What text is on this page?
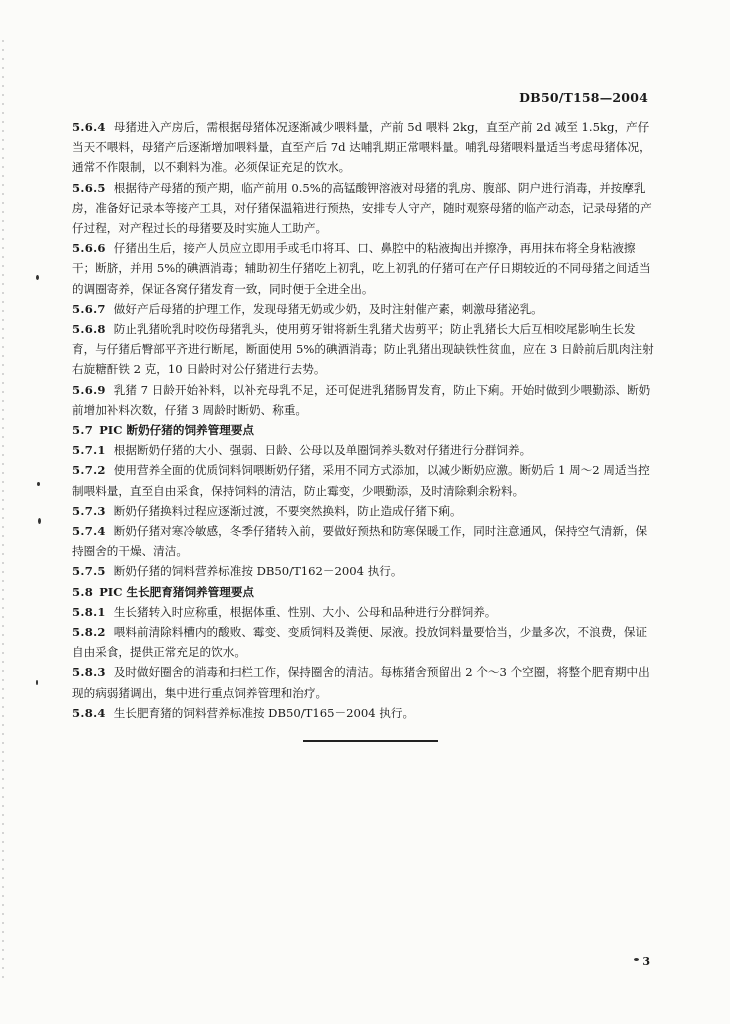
DB50/T158—2004

5.6.4 母猪进入产房后，需根据母猪体况逐渐减少喂料量，产前 5d 喂料 2kg，直至产前 2d 减至 1.5kg，产仔当天不喂料，母猪产后逐渐增加喂料量，直至产后 7d 达哺乳期正常喂料量。哺乳母猪喂料量适当考虑母猪体况，通常不作限制，以不剩料为准。必须保证充足的饮水。

5.6.5 根据待产母猪的预产期，临产前用 0.5%的高锰酸钾溶液对母猪的乳房、腹部、阴户进行消毒，并按摩乳房，准备好记录本等接产工具，对仔猪保温箱进行预热，安排专人守产，随时观察母猪的临产动态，记录母猪的产仔过程，对产程过长的母猪要及时实施人工助产。

5.6.6 仔猪出生后，接产人员应立即用手或毛巾将耳、口、鼻腔中的粘液掏出并擦净，再用抹布将全身粘液擦干；断脐，并用 5%的碘酒消毒；辅助初生仔猪吃上初乳，吃上初乳的仔猪可在产仔日期较近的不同母猪之间适当的调圈寄养，保证各窝仔猪发育一致，同时便于全进全出。

5.6.7 做好产后母猪的护理工作，发现母猪无奶或少奶，及时注射催产素，刺激母猪泌乳。

5.6.8 防止乳猪吮乳时咬伤母猪乳头，使用剪牙钳将新生乳猪犬齿剪平；防止乳猪长大后互相咬尾影响生长发育，与仔猪后臀部平齐进行断尾，断面使用 5%的碘酒消毒；防止乳猪出现缺铁性贫血，应在 3 日龄前后肌肉注射右旋糖酐铁 2 克，10 日龄时对公仔猪进行去势。

5.6.9 乳猪 7 日龄开始补料，以补充母乳不足，还可促进乳猪肠胃发育，防止下痢。开始时做到少喂勤添、断奶前增加补料次数，仔猪 3 周龄时断奶、称重。

5.7 PIC 断奶仔猪的饲养管理要点

5.7.1 根据断奶仔猪的大小、强弱、日龄、公母以及单圈饲养头数对仔猪进行分群饲养。

5.7.2 使用营养全面的优质饲料饲喂断奶仔猪，采用不同方式添加，以减少断奶应激。断奶后 1 周～2 周适当控制喂料量，直至自由采食，保持饲料的清洁，防止霉变，少喂勤添，及时清除剩余粉料。

5.7.3 断奶仔猪换料过程应逐渐过渡，不要突然换料，防止造成仔猪下痢。

5.7.4 断奶仔猪对寒冷敏感，冬季仔猪转入前，要做好预热和防寒保暖工作，同时注意通风，保持空气清新，保持圈舍的干燥、清洁。

5.7.5 断奶仔猪的饲料营养标准按 DB50/T162－2004 执行。

5.8 PIC 生长肥育猪饲养管理要点

5.8.1 生长猪转入时应称重，根据体重、性别、大小、公母和品种进行分群饲养。

5.8.2 喂料前清除料槽内的酸败、霉变、变质饲料及粪便、尿液。投放饲料量要恰当，少量多次，不浪费，保证自由采食，提供正常充足的饮水。

5.8.3 及时做好圈舍的消毒和扫栏工作，保持圈舍的清洁。每栋猪舍预留出 2 个～3 个空圈，将整个肥育期中出现的病弱猪调出，集中进行重点饲养管理和治疗。

5.8.4 生长肥育猪的饲料营养标准按 DB50/T165－2004 执行。

3
